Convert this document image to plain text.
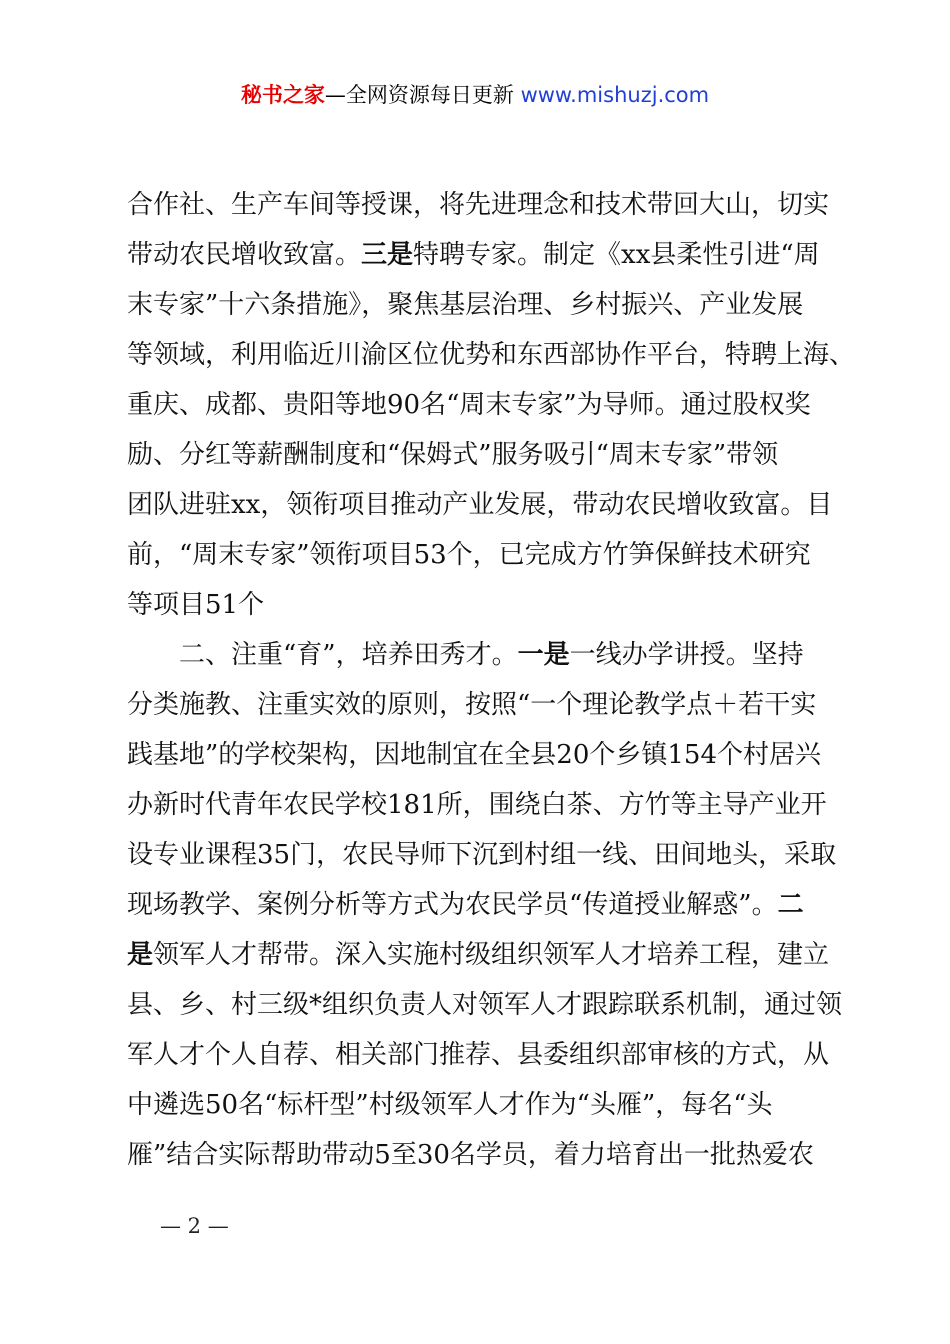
秘书之家—全网资源每日更新 www.mishuzj.com
合作社、生产车间等授课，将先进理念和技术带回大山，切实
带动农民增收致富。三是特聘专家。制定《xx县柔性引进“周
末专家”十六条措施》，聚焦基层治理、乡村振兴、产业发展
等领域，利用临近川渝区位优势和东西部协作平台，特聘上海、
重庆、成都、贵阳等地90名“周末专家”为导师。通过股权奖
励、分红等薪酬制度和“保姆式”服务吸引“周末专家”带领
团队进驻xx，领衔项目推动产业发展，带动农民增收致富。目
前，“周末专家”领衔项目53个，已完成方竹笋保鲜技术研究
等项目51个
二、注重“育”，培养田秀才。一是一线办学讲授。坚持
分类施教、注重实效的原则，按照“一个理论教学点＋若干实
践基地”的学校架构，因地制宜在全县20个乡镇154个村居兴
办新时代青年农民学校181所，围绕白茶、方竹等主导产业开
设专业课程35门，农民导师下沉到村组一线、田间地头，采取
现场教学、案例分析等方式为农民学员“传道授业解惑”。二
是领军人才帮带。深入实施村级组织领军人才培养工程，建立
县、乡、村三级*组织负责人对领军人才跟踪联系机制，通过领
军人才个人自荐、相关部门推荐、县委组织部审核的方式，从
中遴选50名“标杆型”村级领军人才作为“头雁”，每名“头
雁”结合实际帮助带动5至30名学员，着力培育出一批热爱农
— 2 —
